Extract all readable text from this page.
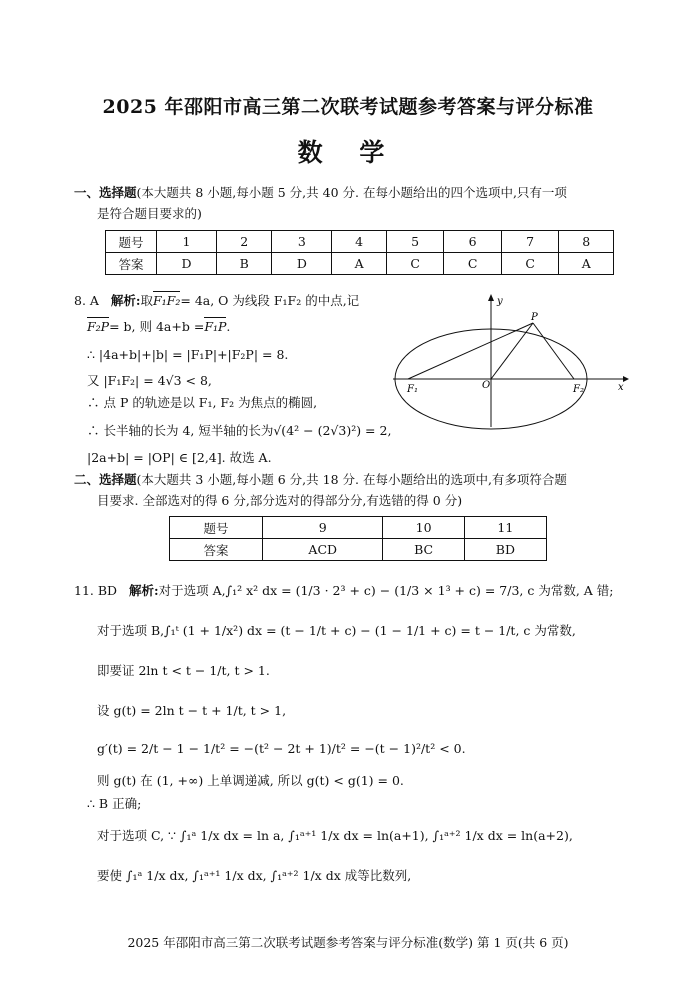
2025 年邵阳市高三第二次联考试题参考答案与评分标准
数 学
一、选择题(本大题共 8 小题,每小题 5 分,共 40 分. 在每小题给出的四个选项中,只有一项
是符合题目要求的)
题号	1	2	3	4	5	6	7	8
答案	D	B	D	A	C	C	C	A
8. A 解析:取F₁F₂= 4a, O 为线段 F₁F₂ 的中点,记
F₂P= b, 则 4a+b =F₁P.
∴ |4a+b|+|b| = |F₁P|+|F₂P| = 8.
又 |F₁F₂| = 4√3 < 8,
∴ 点 P 的轨迹是以 F₁, F₂ 为焦点的椭圆,
∴ 长半轴的长为 4, 短半轴的长为√(4² − (2√3)²) = 2,
|2a+b| = |OP| ∈ [2,4]. 故选 A.
y
P
F₁	O	F₂	x
二、选择题(本大题共 3 小题,每小题 6 分,共 18 分. 在每小题给出的选项中,有多项符合题
目要求. 全部选对的得 6 分,部分选对的得部分分,有选错的得 0 分)
题号	9	10	11
答案	ACD	BC	BD
11. BD 解析:对于选项 A,∫₁² x² dx = (1/3 · 2³ + c) − (1/3 × 1³ + c) = 7/3, c 为常数, A 错;
对于选项 B,∫₁ᵗ (1 + 1/x²) dx = (t − 1/t + c) − (1 − 1/1 + c) = t − 1/t, c 为常数,
即要证 2ln t < t − 1/t, t > 1.
设 g(t) = 2ln t − t + 1/t, t > 1,
g′(t) = 2/t − 1 − 1/t² = −(t² − 2t + 1)/t² = −(t − 1)²/t² < 0.
则 g(t) 在 (1, +∞) 上单调递减, 所以 g(t) < g(1) = 0.
∴ B 正确;
对于选项 C, ∵ ∫₁ᵃ 1/x dx = ln a, ∫₁ᵃ⁺¹ 1/x dx = ln(a+1), ∫₁ᵃ⁺² 1/x dx = ln(a+2),
要使 ∫₁ᵃ 1/x dx, ∫₁ᵃ⁺¹ 1/x dx, ∫₁ᵃ⁺² 1/x dx 成等比数列,
2025 年邵阳市高三第二次联考试题参考答案与评分标准(数学) 第 1 页(共 6 页)
